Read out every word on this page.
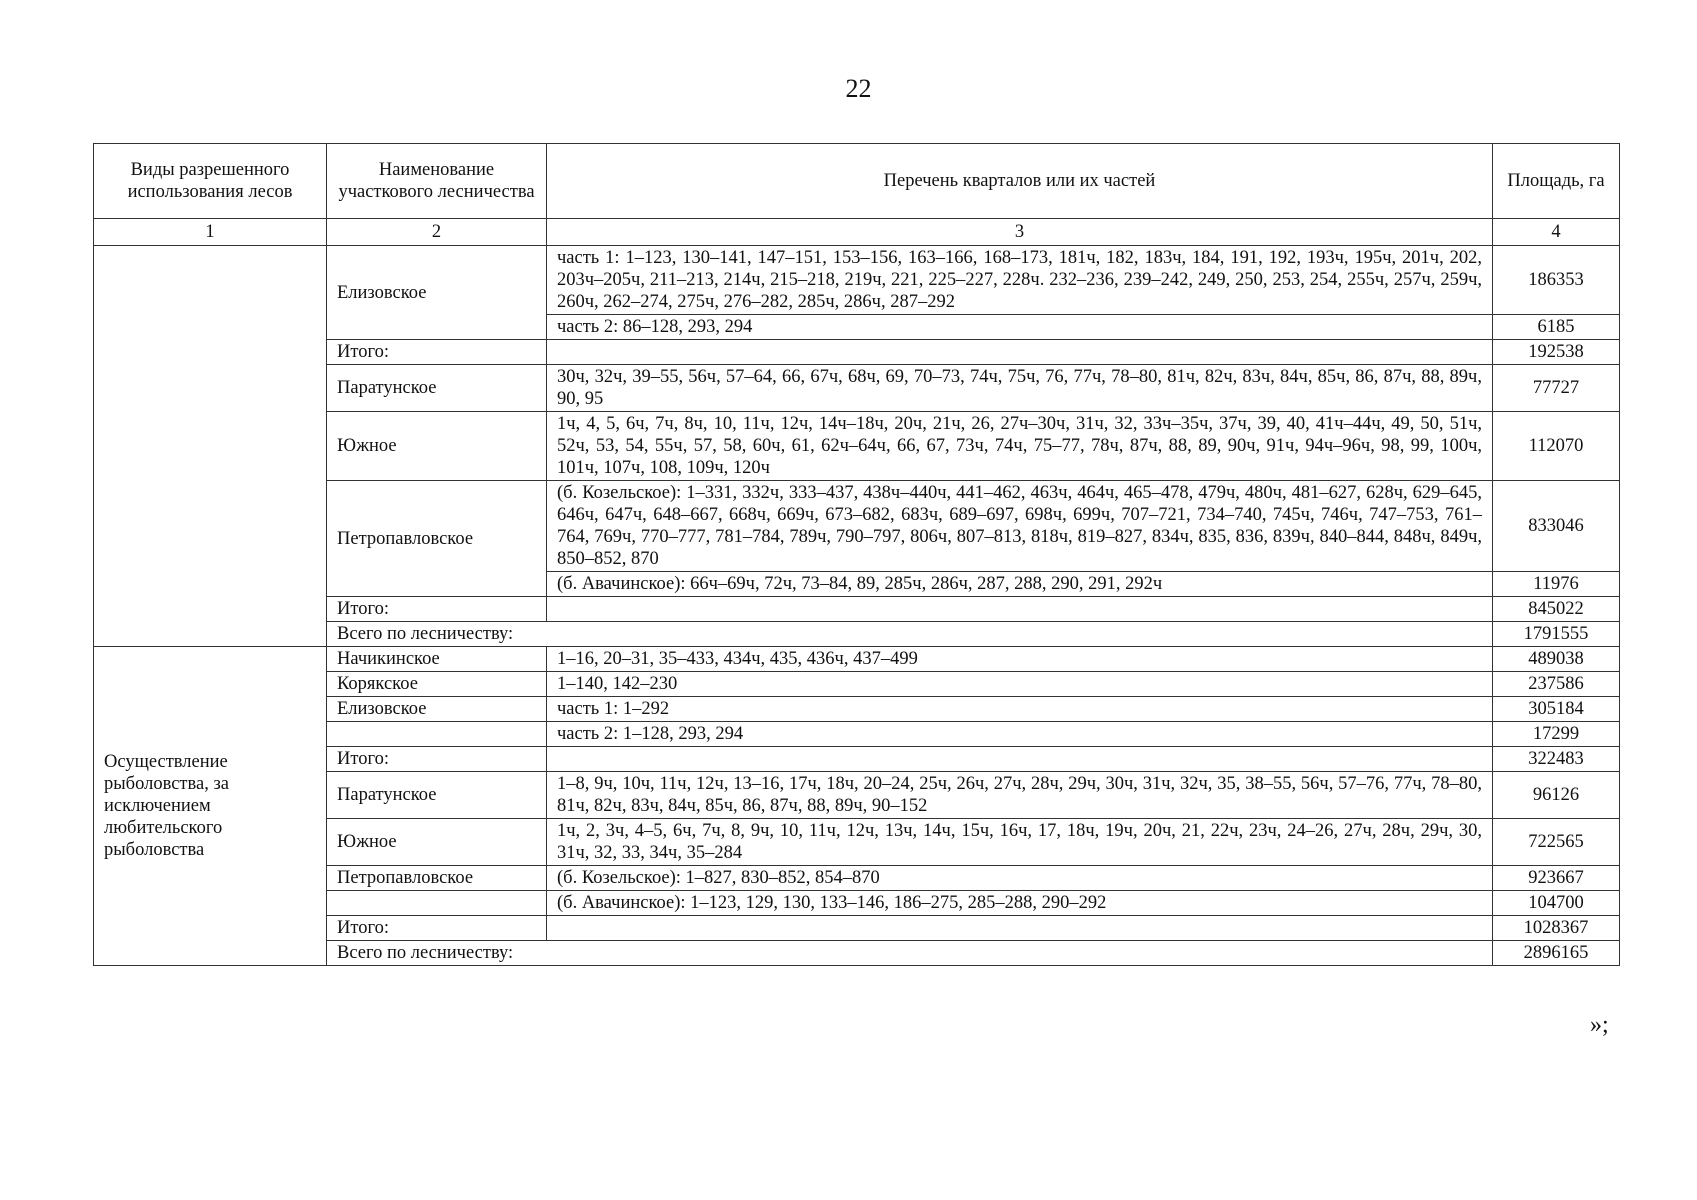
22
Виды разрешенного использования лесов	Наименование участкового лесничества	Перечень кварталов или их частей	Площадь, га
1	2	3	4
	Елизовское	часть 1: 1–123, 130–141, 147–151, 153–156, 163–166, 168–173, 181ч, 182, 183ч, 184, 191, 192, 193ч, 195ч, 201ч, 202, 203ч–205ч, 211–213, 214ч, 215–218, 219ч, 221, 225–227, 228ч. 232–236, 239–242, 249, 250, 253, 254, 255ч, 257ч, 259ч, 260ч, 262–274, 275ч, 276–282, 285ч, 286ч, 287–292	186353
		часть 2: 86–128, 293, 294	6185
	Итого:		192538
	Паратунское	30ч, 32ч, 39–55, 56ч, 57–64, 66, 67ч, 68ч, 69, 70–73, 74ч, 75ч, 76, 77ч, 78–80, 81ч, 82ч, 83ч, 84ч, 85ч, 86, 87ч, 88, 89ч, 90, 95	77727
	Южное	1ч, 4, 5, 6ч, 7ч, 8ч, 10, 11ч, 12ч, 14ч–18ч, 20ч, 21ч, 26, 27ч–30ч, 31ч, 32, 33ч–35ч, 37ч, 39, 40, 41ч–44ч, 49, 50, 51ч, 52ч, 53, 54, 55ч, 57, 58, 60ч, 61, 62ч–64ч, 66, 67, 73ч, 74ч, 75–77, 78ч, 87ч, 88, 89, 90ч, 91ч, 94ч–96ч, 98, 99, 100ч, 101ч, 107ч, 108, 109ч, 120ч	112070
	Петропавловское	(б. Козельское): 1–331, 332ч, 333–437, 438ч–440ч, 441–462, 463ч, 464ч, 465–478, 479ч, 480ч, 481–627, 628ч, 629–645, 646ч, 647ч, 648–667, 668ч, 669ч, 673–682, 683ч, 689–697, 698ч, 699ч, 707–721, 734–740, 745ч, 746ч, 747–753, 761–764, 769ч, 770–777, 781–784, 789ч, 790–797, 806ч, 807–813, 818ч, 819–827, 834ч, 835, 836, 839ч, 840–844, 848ч, 849ч, 850–852, 870	833046
		(б. Авачинское): 66ч–69ч, 72ч, 73–84, 89, 285ч, 286ч, 287, 288, 290, 291, 292ч	11976
	Итого:		845022
	Всего по лесничеству:		1791555
Осуществление рыболовства, за исключением любительского рыболовства	Начикинское	1–16, 20–31, 35–433, 434ч, 435, 436ч, 437–499	489038
	Корякское	1–140, 142–230	237586
	Елизовское	часть 1: 1–292	305184
		часть 2: 1–128, 293, 294	17299
	Итого:		322483
	Паратунское	1–8, 9ч, 10ч, 11ч, 12ч, 13–16, 17ч, 18ч, 20–24, 25ч, 26ч, 27ч, 28ч, 29ч, 30ч, 31ч, 32ч, 35, 38–55, 56ч, 57–76, 77ч, 78–80, 81ч, 82ч, 83ч, 84ч, 85ч, 86, 87ч, 88, 89ч, 90–152	96126
	Южное	1ч, 2, 3ч, 4–5, 6ч, 7ч, 8, 9ч, 10, 11ч, 12ч, 13ч, 14ч, 15ч, 16ч, 17, 18ч, 19ч, 20ч, 21, 22ч, 23ч, 24–26, 27ч, 28ч, 29ч, 30, 31ч, 32, 33, 34ч, 35–284	722565
	Петропавловское	(б. Козельское): 1–827, 830–852, 854–870	923667
		(б. Авачинское): 1–123, 129, 130, 133–146, 186–275, 285–288, 290–292	104700
	Итого:		1028367
	Всего по лесничеству:		2896165
»;
